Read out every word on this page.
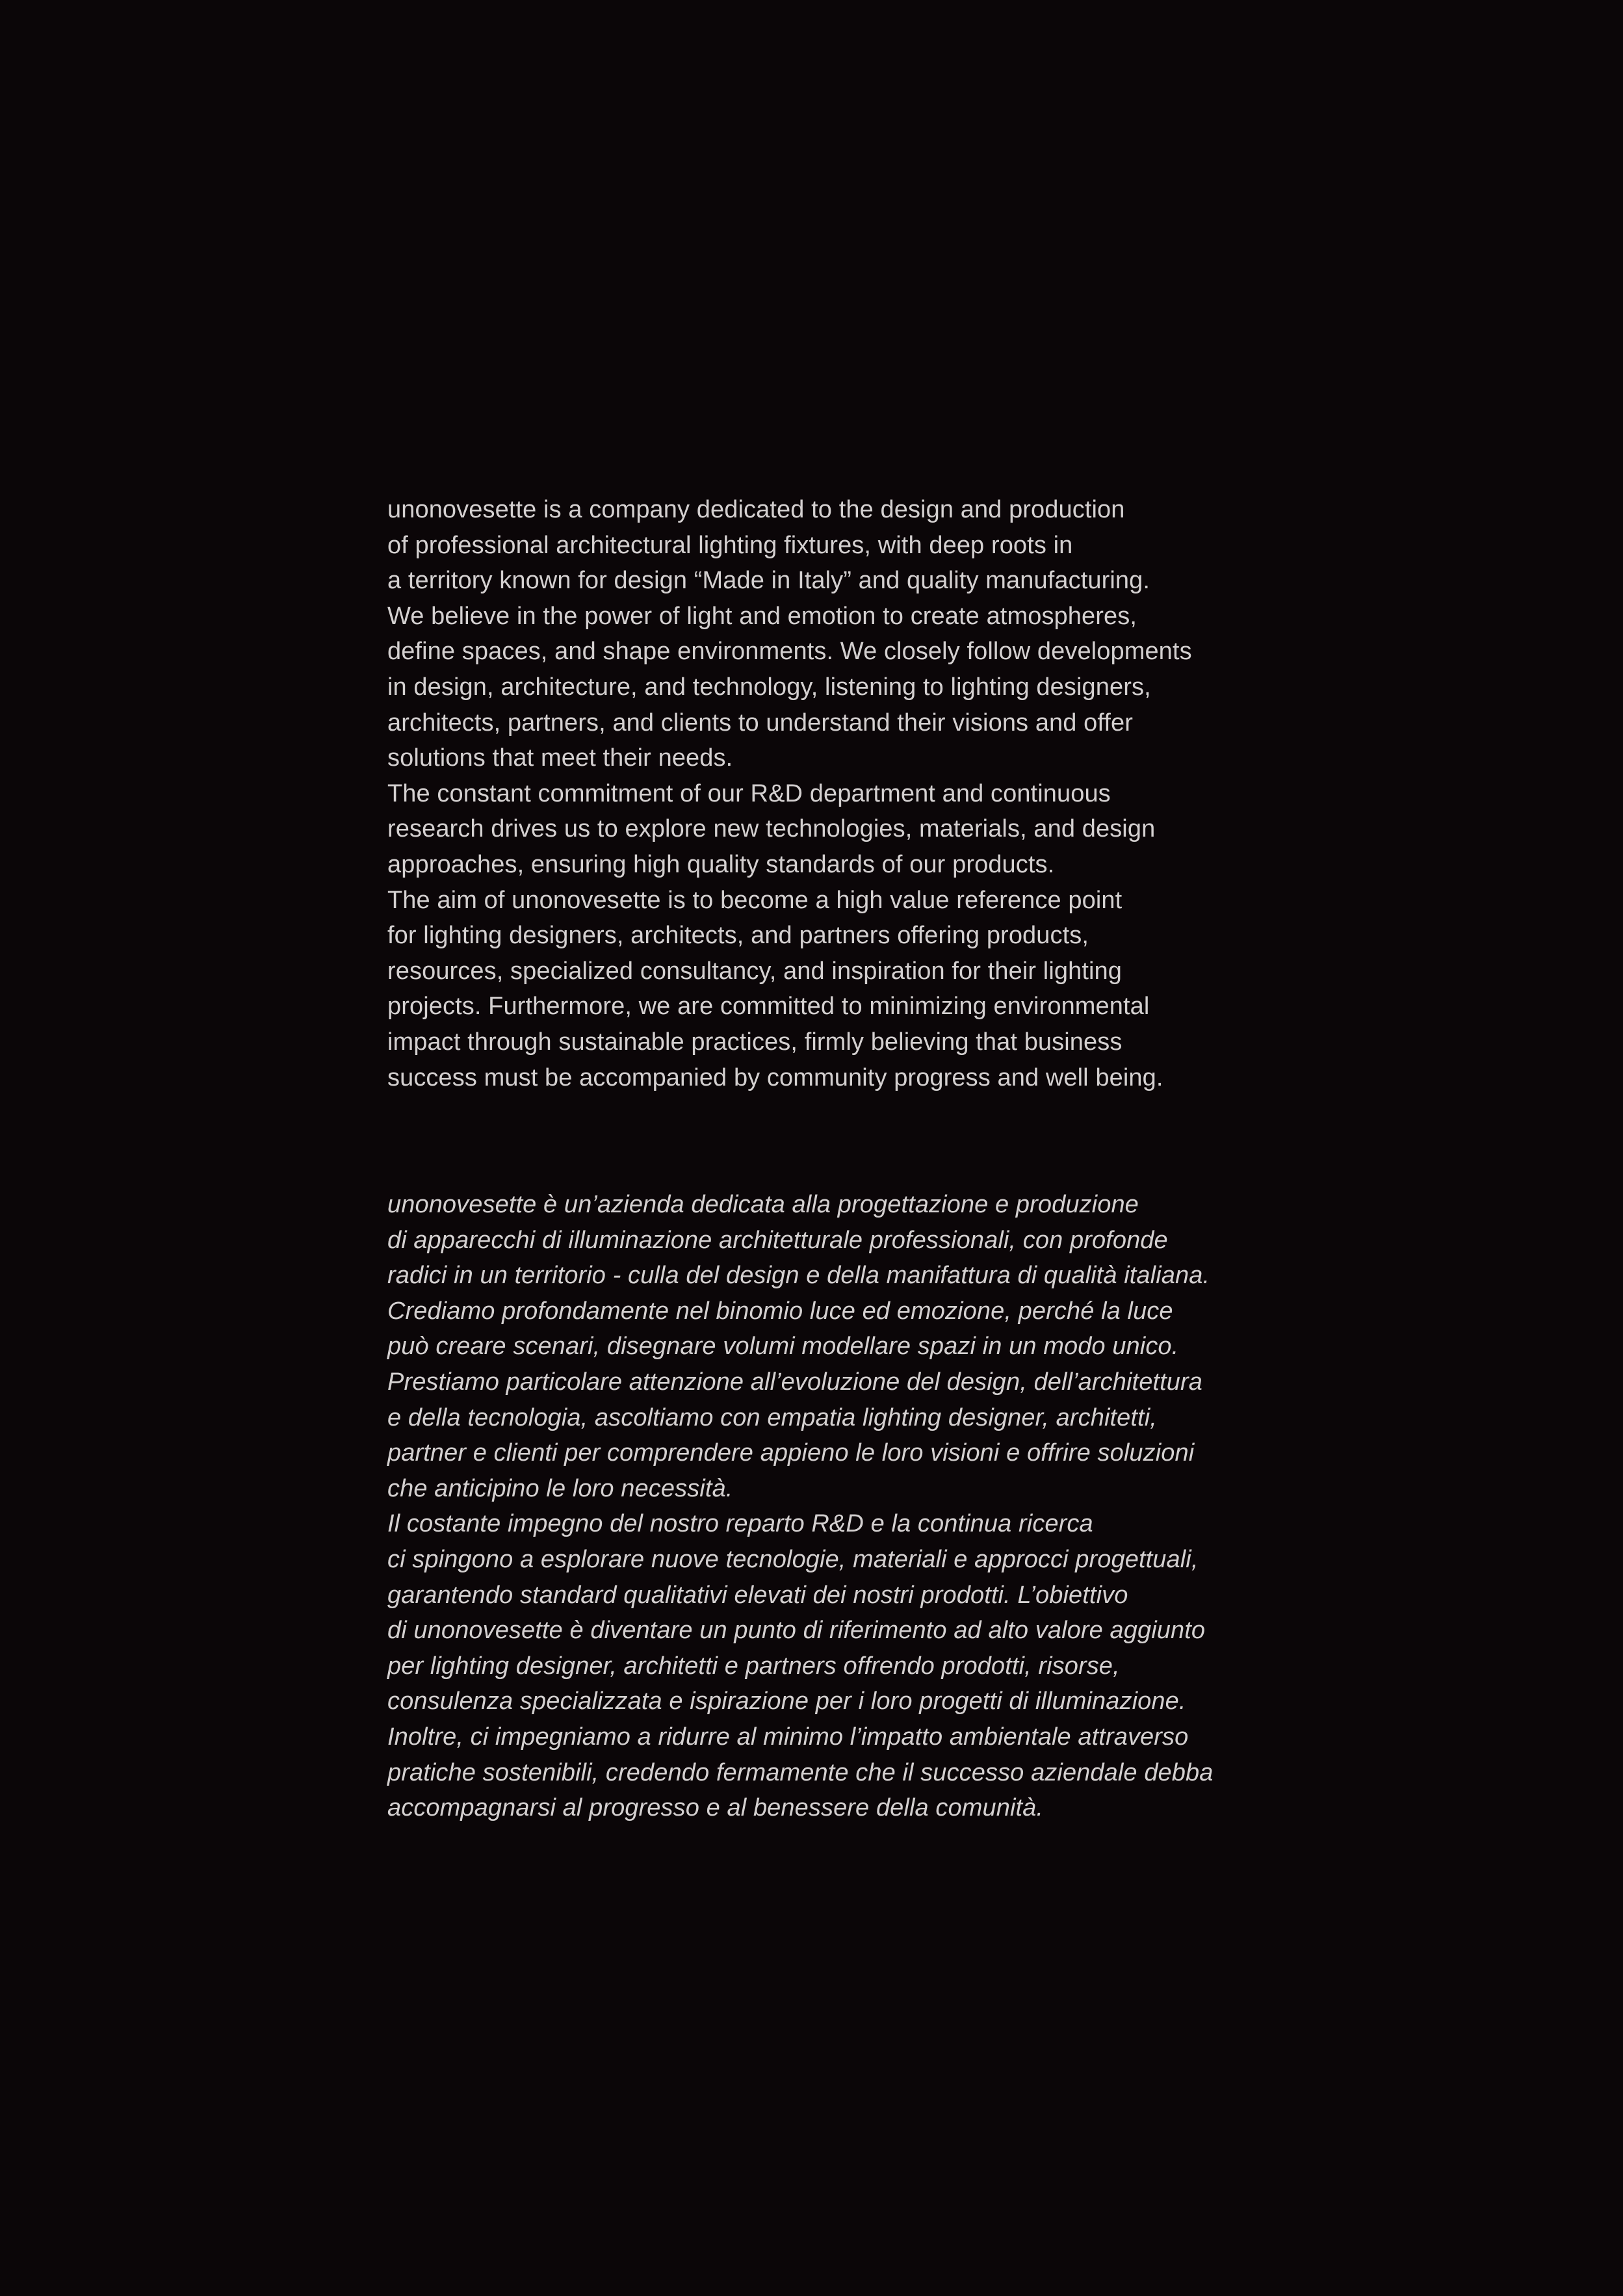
unonovesette is a company dedicated to the design and production
of professional architectural lighting fixtures, with deep roots in
a territory known for design “Made in Italy” and quality manufacturing.
We believe in the power of light and emotion to create atmospheres,
define spaces, and shape environments. We closely follow developments
in design, architecture, and technology, listening to lighting designers,
architects, partners, and clients to understand their visions and offer
solutions that meet their needs.
The constant commitment of our R&D department and continuous
research drives us to explore new technologies, materials, and design
approaches, ensuring high quality standards of our products.
The aim of unonovesette is to become a high value reference point
for lighting designers, architects, and partners offering products,
resources, specialized consultancy, and inspiration for their lighting
projects. Furthermore, we are committed to minimizing environmental
impact through sustainable practices, firmly believing that business
success must be accompanied by community progress and well being.
unonovesette è un’azienda dedicata alla progettazione e produzione
di apparecchi di illuminazione architetturale professionali, con profonde
radici in un territorio - culla del design e della manifattura di qualità italiana.
Crediamo profondamente nel binomio luce ed emozione, perché la luce
può creare scenari, disegnare volumi modellare spazi in un modo unico.
Prestiamo particolare attenzione all’evoluzione del design, dell’architettura
e della tecnologia, ascoltiamo con empatia lighting designer, architetti,
partner e clienti per comprendere appieno le loro visioni e offrire soluzioni
che anticipino le loro necessità.
Il costante impegno del nostro reparto R&D e la continua ricerca
ci spingono a esplorare nuove tecnologie, materiali e approcci progettuali,
garantendo standard qualitativi elevati dei nostri prodotti. L’obiettivo
di unonovesette è diventare un punto di riferimento ad alto valore aggiunto
per lighting designer, architetti e partners offrendo prodotti, risorse,
consulenza specializzata e ispirazione per i loro progetti di illuminazione.
Inoltre, ci impegniamo a ridurre al minimo l’impatto ambientale attraverso
pratiche sostenibili, credendo fermamente che il successo aziendale debba
accompagnarsi al progresso e al benessere della comunità.
